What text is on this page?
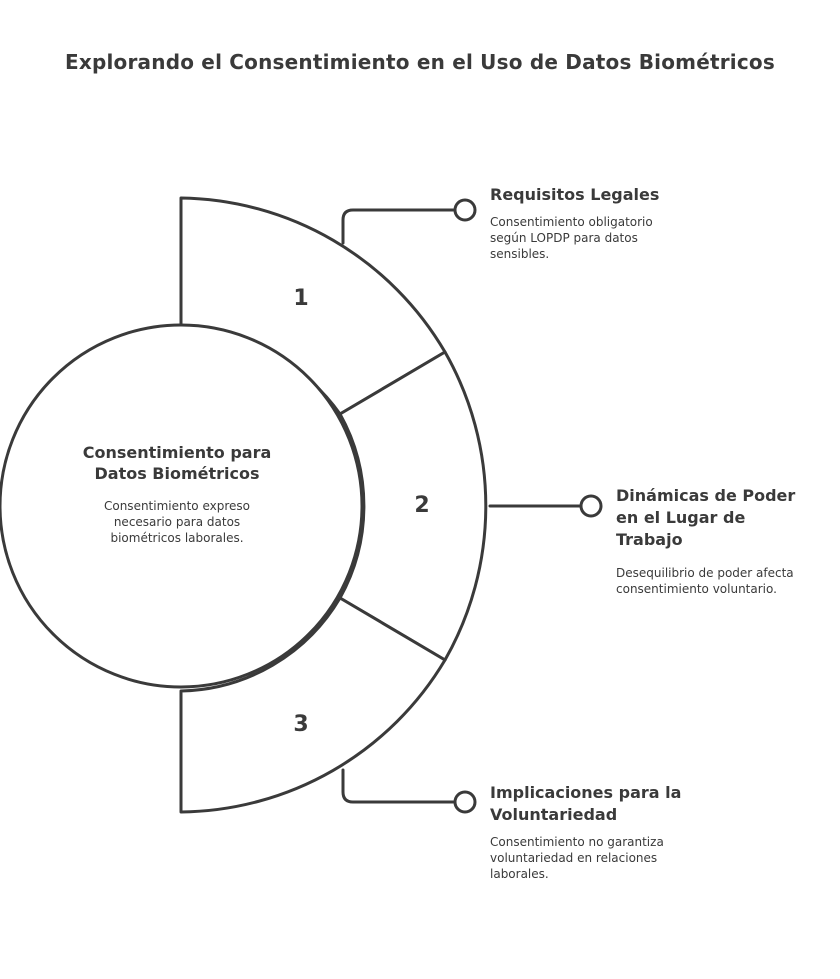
Explorando el Consentimiento en el Uso de Datos Biométricos
Consentimiento para Datos Biométricos
Consentimiento expreso necesario para datos biométricos laborales.
1
2
3
Requisitos Legales
Consentimiento obligatorio según LOPDP para datos sensibles.
Dinámicas de Poder en el Lugar de Trabajo
Desequilibrio de poder afecta consentimiento voluntario.
Implicaciones para la Voluntariedad
Consentimiento no garantiza voluntariedad en relaciones laborales.
